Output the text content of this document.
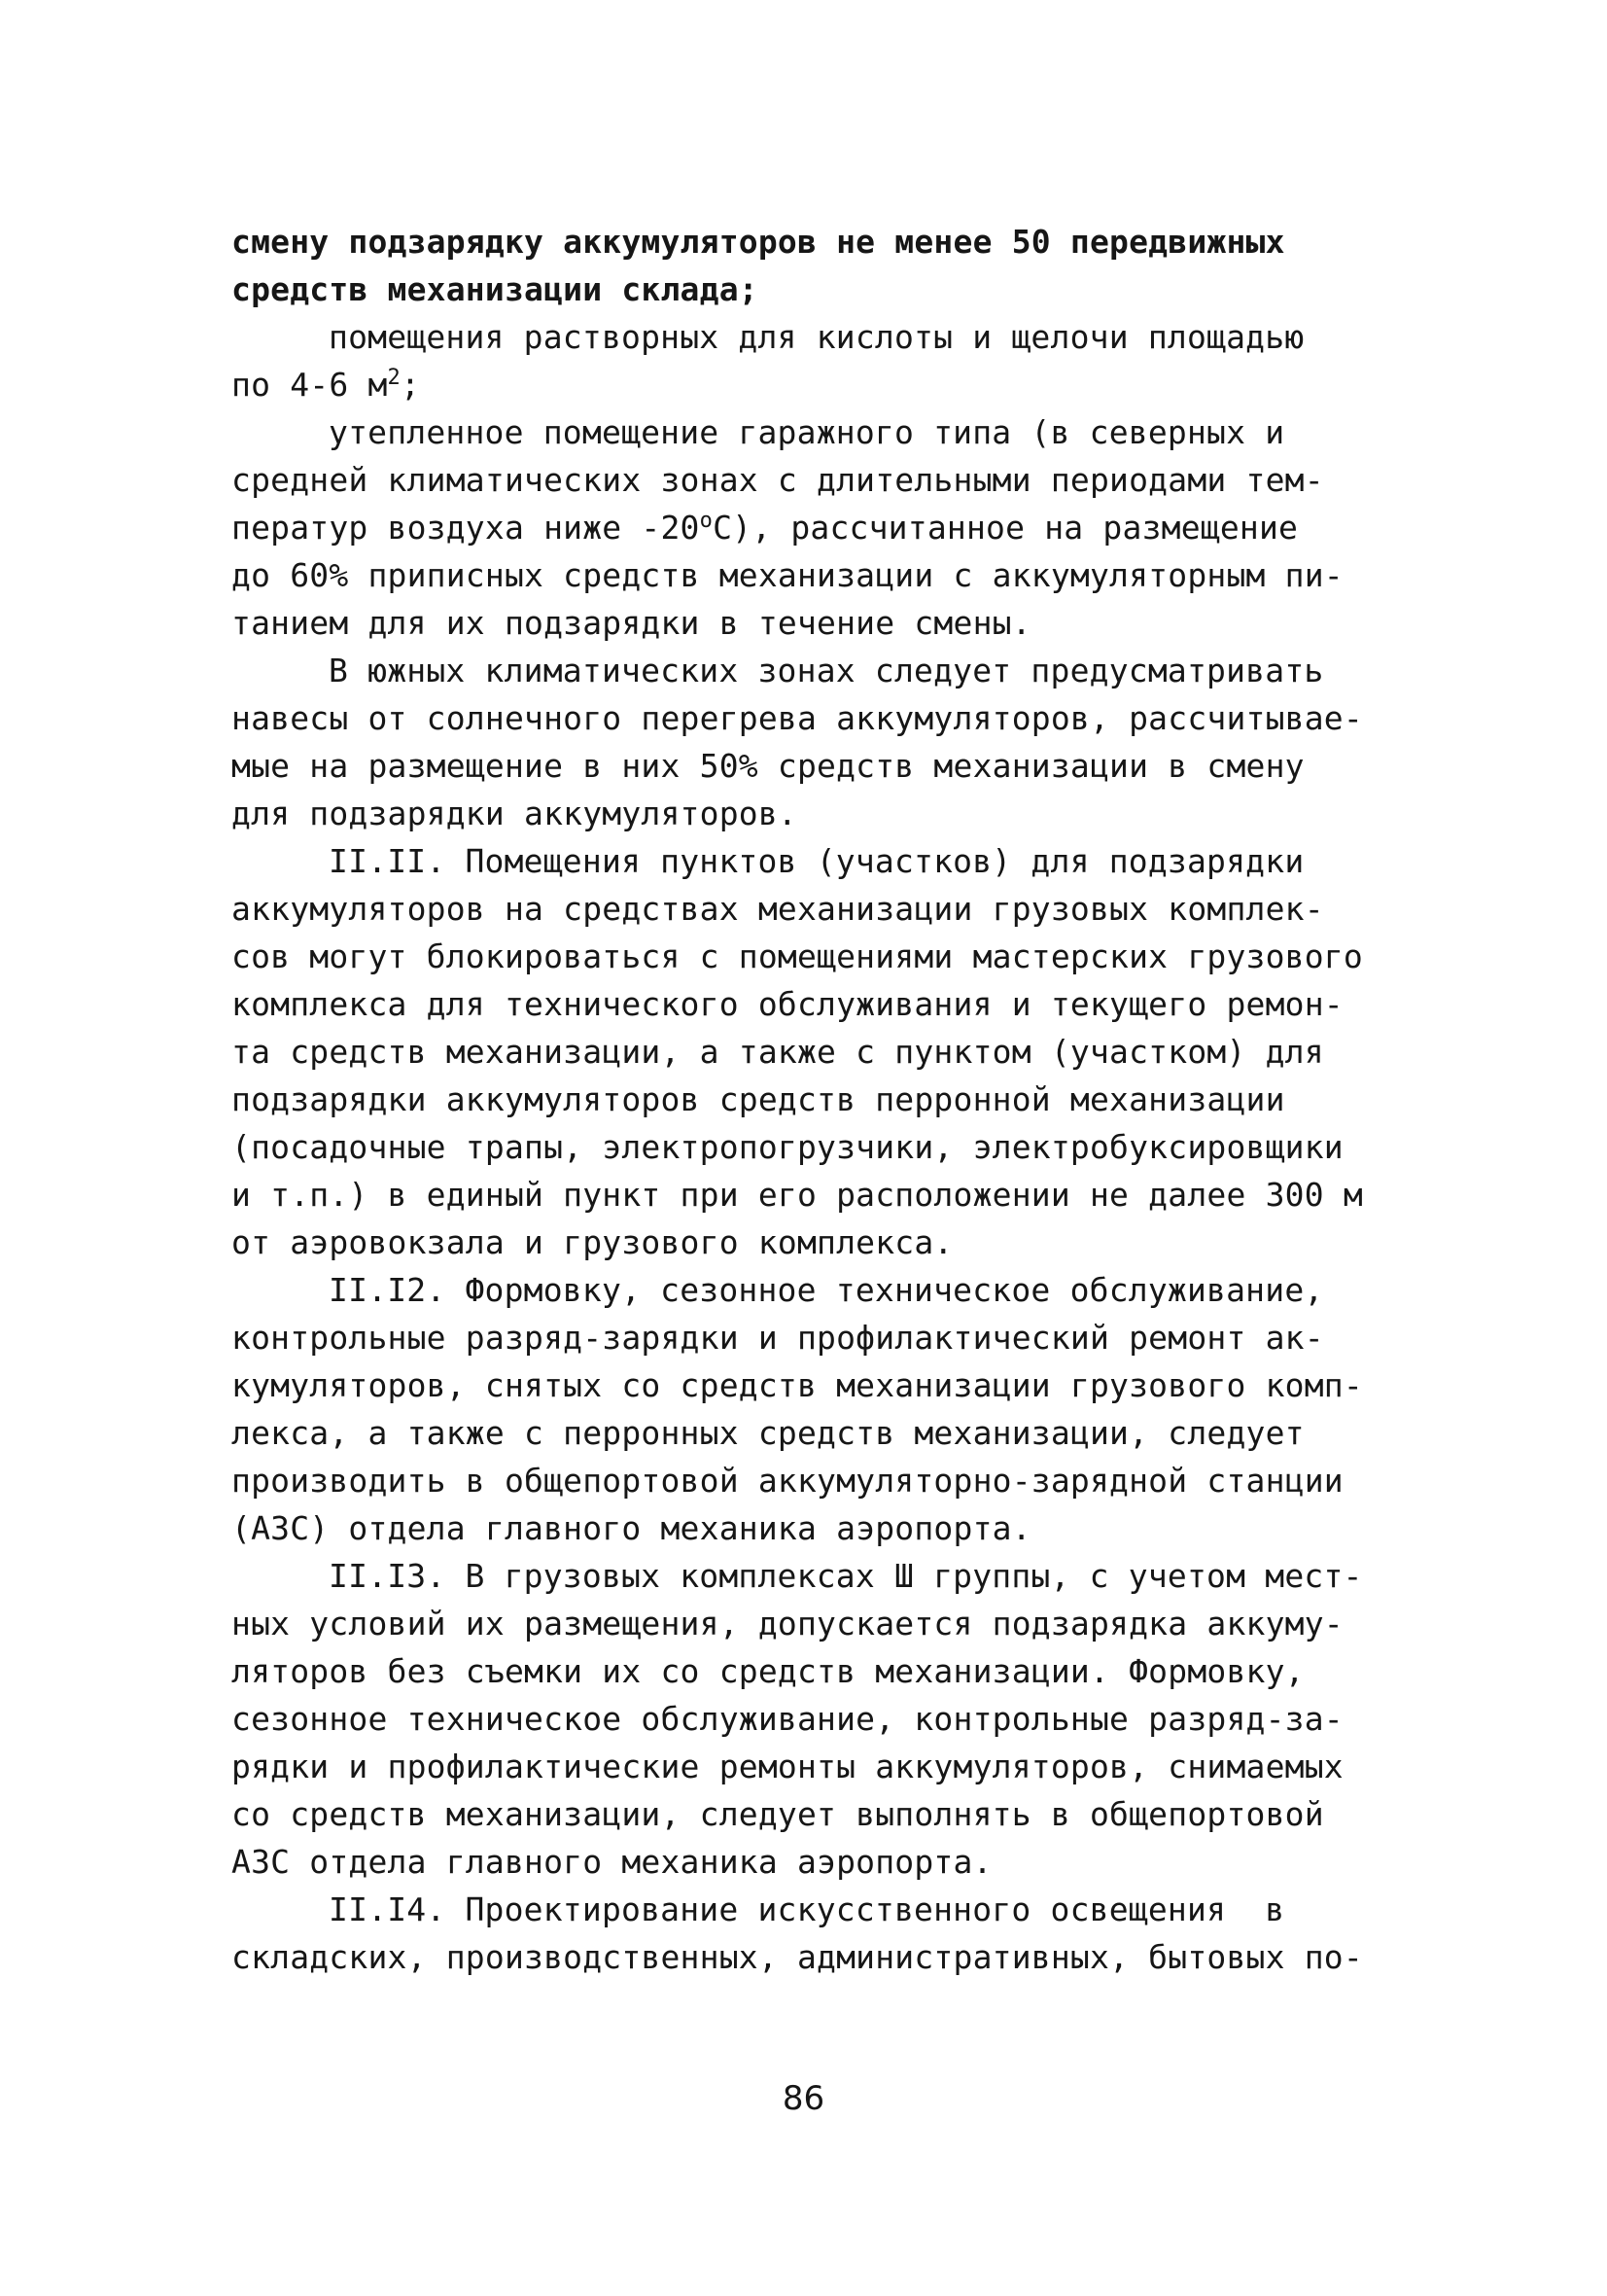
смену подзарядку аккумуляторов не менее 50 передвижных
средств механизации склада;
помещения растворных для кислоты и щелочи площадью
по 4-6 $м^2$;
утепленное помещение гаражного типа (в северных и
средней климатических зонах с длительными периодами тем-
ператур воздуха ниже $-20^оС$), рассчитанное на размещение
до 60% приписных средств механизации с аккумуляторным пи-
танием для их подзарядки в течение смены.
В южных климатических зонах следует предусматривать
навесы от солнечного перегрева аккумуляторов, рассчитывае-
мые на размещение в них 50% средств механизации в смену
для подзарядки аккумуляторов.
II.II. Помещения пунктов (участков) для подзарядки
аккумуляторов на средствах механизации грузовых комплек-
сов могут блокироваться с помещениями мастерских грузового
комплекса для технического обслуживания и текущего ремон-
та средств механизации, а также с пунктом (участком) для
подзарядки аккумуляторов средств перронной механизации
(посадочные трапы, электропогрузчики, электробуксировщики
и т.п.) в единый пункт при его расположении не далее 300 м
от аэровокзала и грузового комплекса.
II.I2. Формовку, сезонное техническое обслуживание,
контрольные разряд-зарядки и профилактический ремонт ак-
кумуляторов, снятых со средств механизации грузового комп-
лекса, а также с перронных средств механизации, следует
производить в общепортовой аккумуляторно-зарядной станции
(АЗС) отдела главного механика аэропорта.
II.I3. В грузовых комплексах Ш группы, с учетом мест-
ных условий их размещения, допускается подзарядка аккуму-
ляторов без съемки их со средств механизации. Формовку,
сезонное техническое обслуживание, контрольные разряд-за-
рядки и профилактические ремонты аккумуляторов, снимаемых
со средств механизации, следует выполнять в общепортовой
АЗС отдела главного механика аэропорта.
II.I4. Проектирование искусственного освещения  в
складских, производственных, административных, бытовых по-
86
